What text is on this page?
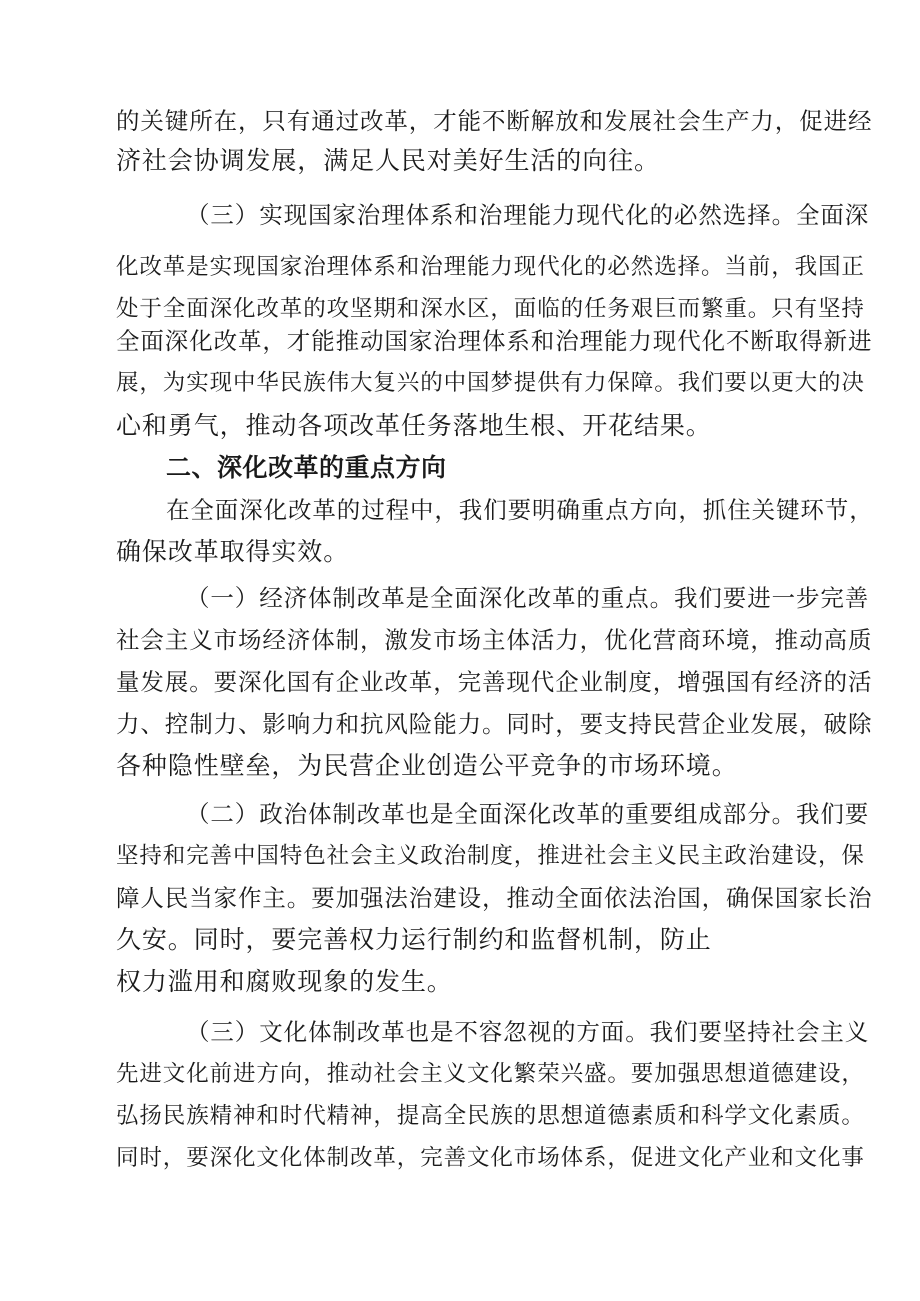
的关键所在，只有通过改革，才能不断解放和发展社会生产力，促进经
济社会协调发展，满足人民对美好生活的向往。
（三）实现国家治理体系和治理能力现代化的必然选择。全面深
化改革是实现国家治理体系和治理能力现代化的必然选择。当前，我国正
处于全面深化改革的攻坚期和深水区，面临的任务艰巨而繁重。只有坚持
全面深化改革，才能推动国家治理体系和治理能力现代化不断取得新进
展，为实现中华民族伟大复兴的中国梦提供有力保障。我们要以更大的决
心和勇气，推动各项改革任务落地生根、开花结果。
二、深化改革的重点方向
在全面深化改革的过程中，我们要明确重点方向，抓住关键环节，
确保改革取得实效。
（一）经济体制改革是全面深化改革的重点。我们要进一步完善
社会主义市场经济体制，激发市场主体活力，优化营商环境，推动高质
量发展。要深化国有企业改革，完善现代企业制度，增强国有经济的活
力、控制力、影响力和抗风险能力。同时，要支持民营企业发展，破除
各种隐性壁垒，为民营企业创造公平竞争的市场环境。
（二）政治体制改革也是全面深化改革的重要组成部分。我们要
坚持和完善中国特色社会主义政治制度，推进社会主义民主政治建设，保
障人民当家作主。要加强法治建设，推动全面依法治国，确保国家长治
久安。同时，要完善权力运行制约和监督机制，防止
权力滥用和腐败现象的发生。
（三）文化体制改革也是不容忽视的方面。我们要坚持社会主义
先进文化前进方向，推动社会主义文化繁荣兴盛。要加强思想道德建设，
弘扬民族精神和时代精神，提高全民族的思想道德素质和科学文化素质。
同时，要深化文化体制改革，完善文化市场体系，促进文化产业和文化事
